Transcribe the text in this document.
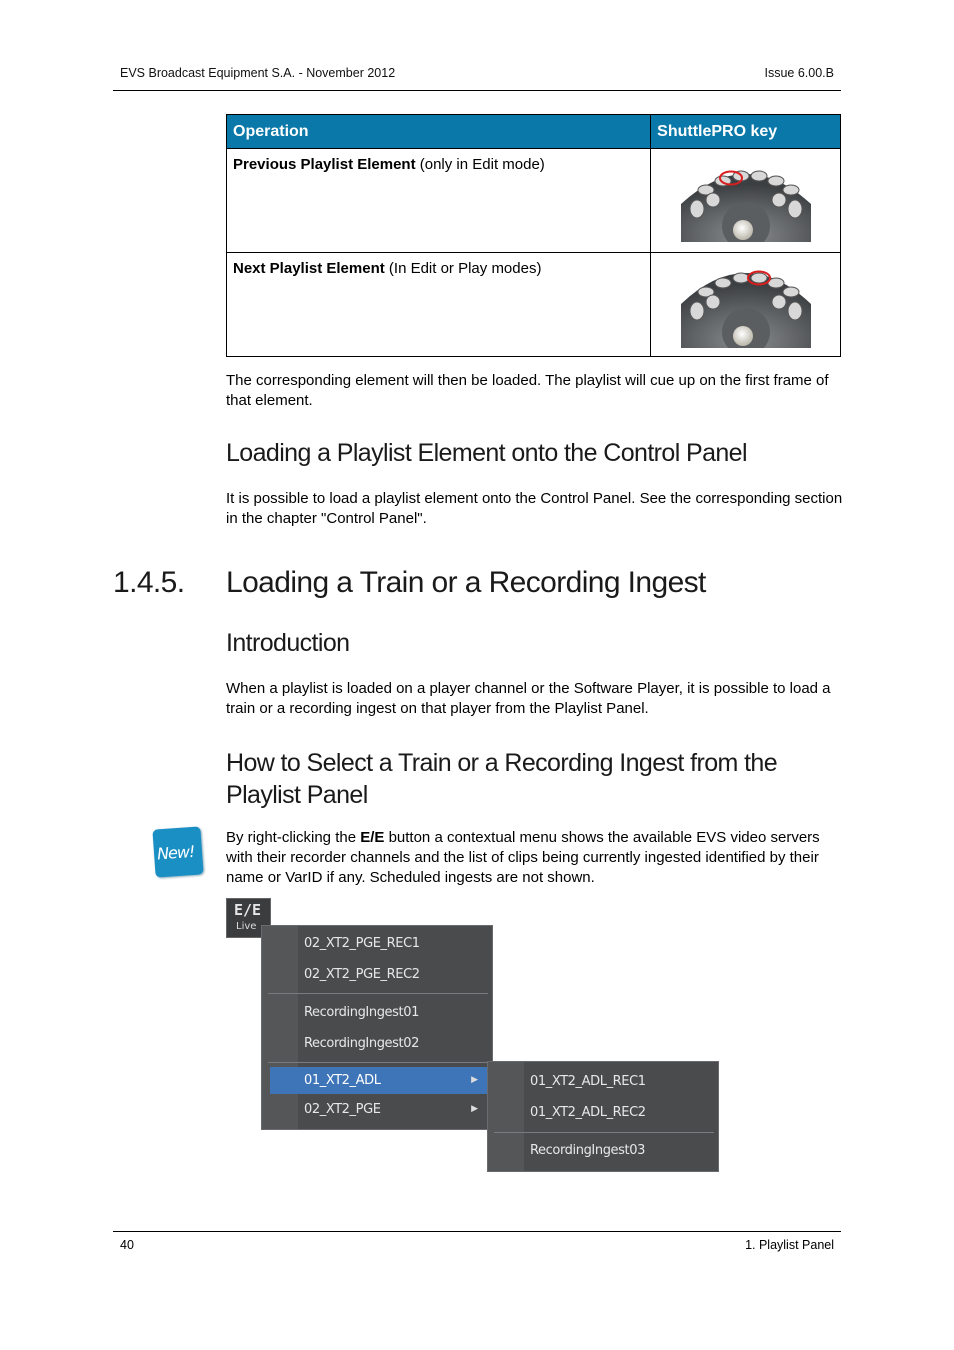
EVS Broadcast Equipment S.A. - November 2012	Issue 6.00.B
Operation	ShuttlePRO key
Previous Playlist Element (only in Edit mode)	
Next Playlist Element (In Edit or Play modes)	
The corresponding element will then be loaded. The playlist will cue up on the first frame of that element.
Loading a Playlist Element onto the Control Panel
It is possible to load a playlist element onto the Control Panel. See the corresponding section in the chapter "Control Panel".
1.4.5. Loading a Train or a Recording Ingest
Introduction
When a playlist is loaded on a player channel or the Software Player, it is possible to load a train or a recording ingest on that player from the Playlist Panel.
How to Select a Train or a Recording Ingest from the
Playlist Panel
New!
By right-clicking the E/E button a contextual menu shows the available EVS video servers with their recorder channels and the list of clips being currently ingested identified by their name or VarID if any. Scheduled ingests are not shown.
E/E
Live
02_XT2_PGE_REC1
02_XT2_PGE_REC2
RecordingIngest01
RecordingIngest02
01_XT2_ADL	▶
02_XT2_PGE	▶
01_XT2_ADL_REC1
01_XT2_ADL_REC2
RecordingIngest03
40	1. Playlist Panel
